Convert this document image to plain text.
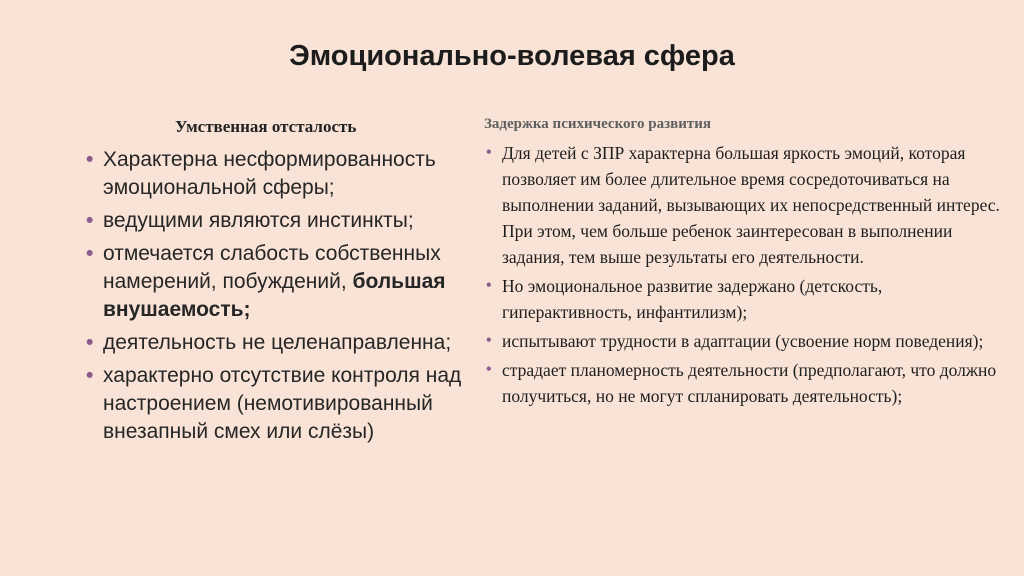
Эмоционально-волевая сфера
Умственная отсталость	Задержка психического развития
• Характерна несформированность эмоциональной сферы;
• ведущими являются инстинкты;
• отмечается слабость собственных намерений, побуждений, большая внушаемость;
• деятельность не целенаправленна;
• характерно отсутствие контроля над настроением (немотивированный внезапный смех или слёзы)
• Для детей с ЗПР характерна большая яркость эмоций, которая позволяет им более длительное время сосредоточиваться на выполнении заданий, вызывающих их непосредственный интерес. При этом, чем больше ребенок заинтересован в выполнении задания, тем выше результаты его деятельности.
• Но эмоциональное развитие задержано (детскость, гиперактивность, инфантилизм);
• испытывают трудности в адаптации (усвоение норм поведения);
• страдает планомерность деятельности (предполагают, что должно получиться, но не могут спланировать деятельность);
